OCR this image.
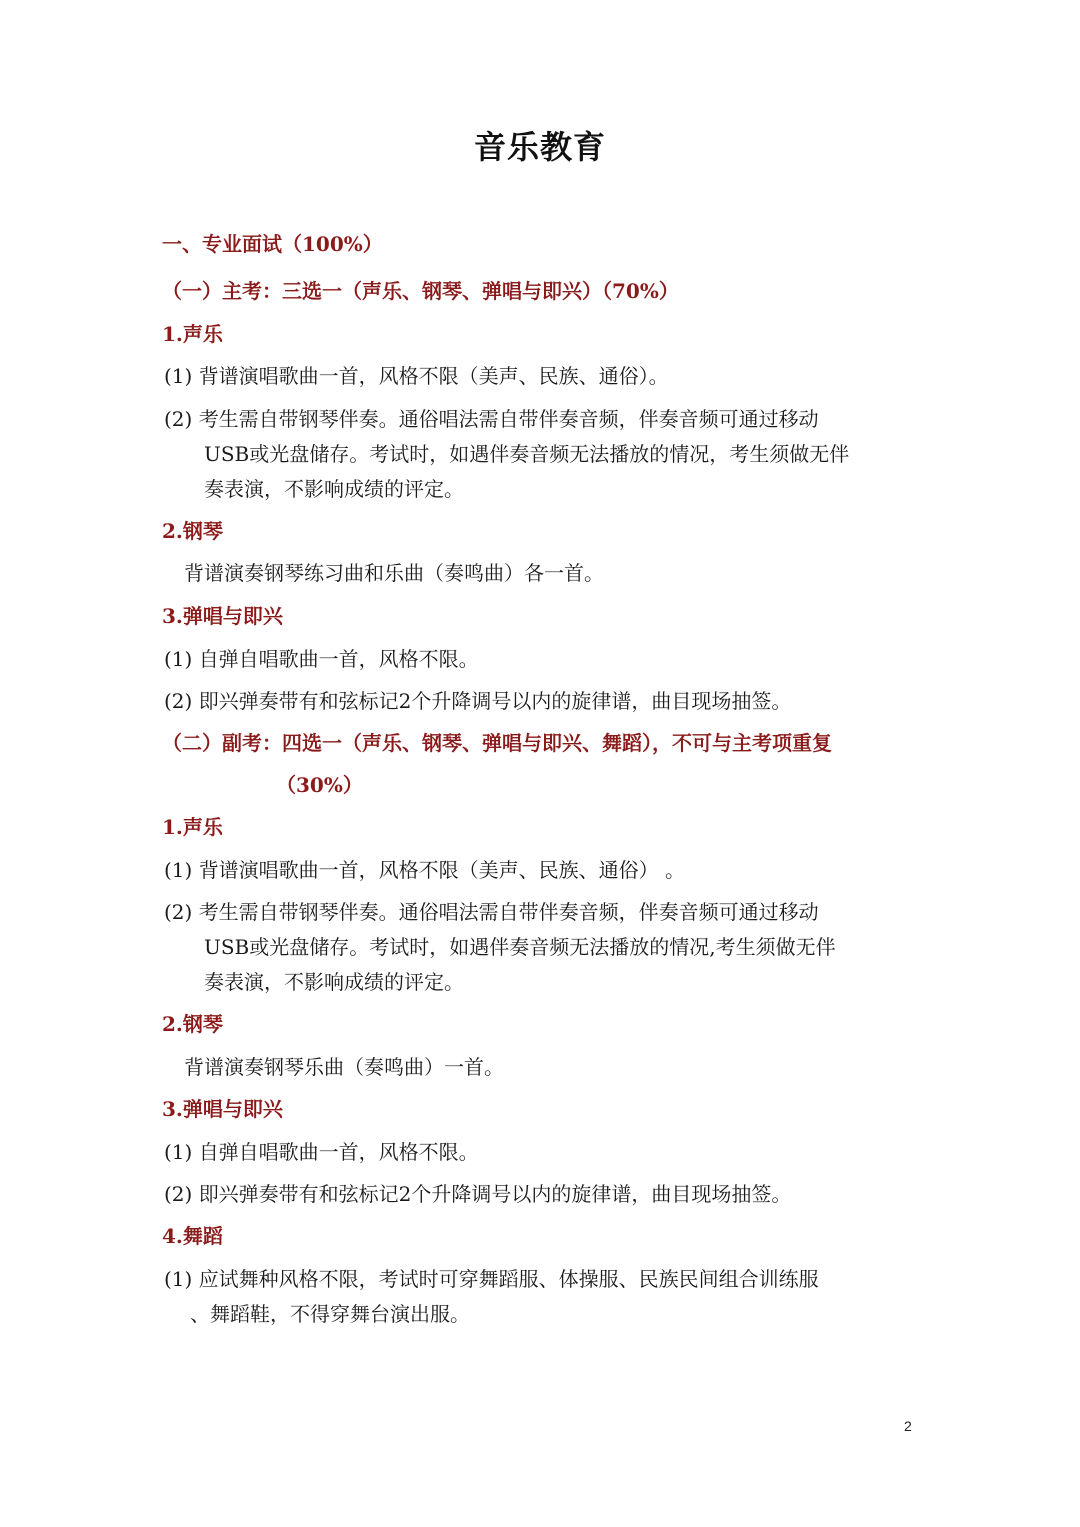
音乐教育
一、专业面试（100%）
（一）主考：三选一（声乐、钢琴、弹唱与即兴）（70%）
1.声乐
(1) 背谱演唱歌曲一首，风格不限（美声、民族、通俗）。
(2) 考生需自带钢琴伴奏。通俗唱法需自带伴奏音频，伴奏音频可通过移动
USB或光盘储存。考试时，如遇伴奏音频无法播放的情况，考生须做无伴
奏表演，不影响成绩的评定。
2.钢琴
背谱演奏钢琴练习曲和乐曲（奏鸣曲）各一首。
3.弹唱与即兴
(1) 自弹自唱歌曲一首，风格不限。
(2) 即兴弹奏带有和弦标记2个升降调号以内的旋律谱，曲目现场抽签。
（二）副考：四选一（声乐、钢琴、弹唱与即兴、舞蹈），不可与主考项重复
（30%）
1.声乐
(1) 背谱演唱歌曲一首，风格不限（美声、民族、通俗） 。
(2) 考生需自带钢琴伴奏。通俗唱法需自带伴奏音频，伴奏音频可通过移动
USB或光盘储存。考试时，如遇伴奏音频无法播放的情况,考生须做无伴
奏表演，不影响成绩的评定。
2.钢琴
背谱演奏钢琴乐曲（奏鸣曲）一首。
3.弹唱与即兴
(1) 自弹自唱歌曲一首，风格不限。
(2) 即兴弹奏带有和弦标记2个升降调号以内的旋律谱，曲目现场抽签。
4.舞蹈
(1) 应试舞种风格不限，考试时可穿舞蹈服、体操服、民族民间组合训练服
、舞蹈鞋，不得穿舞台演出服。
2
